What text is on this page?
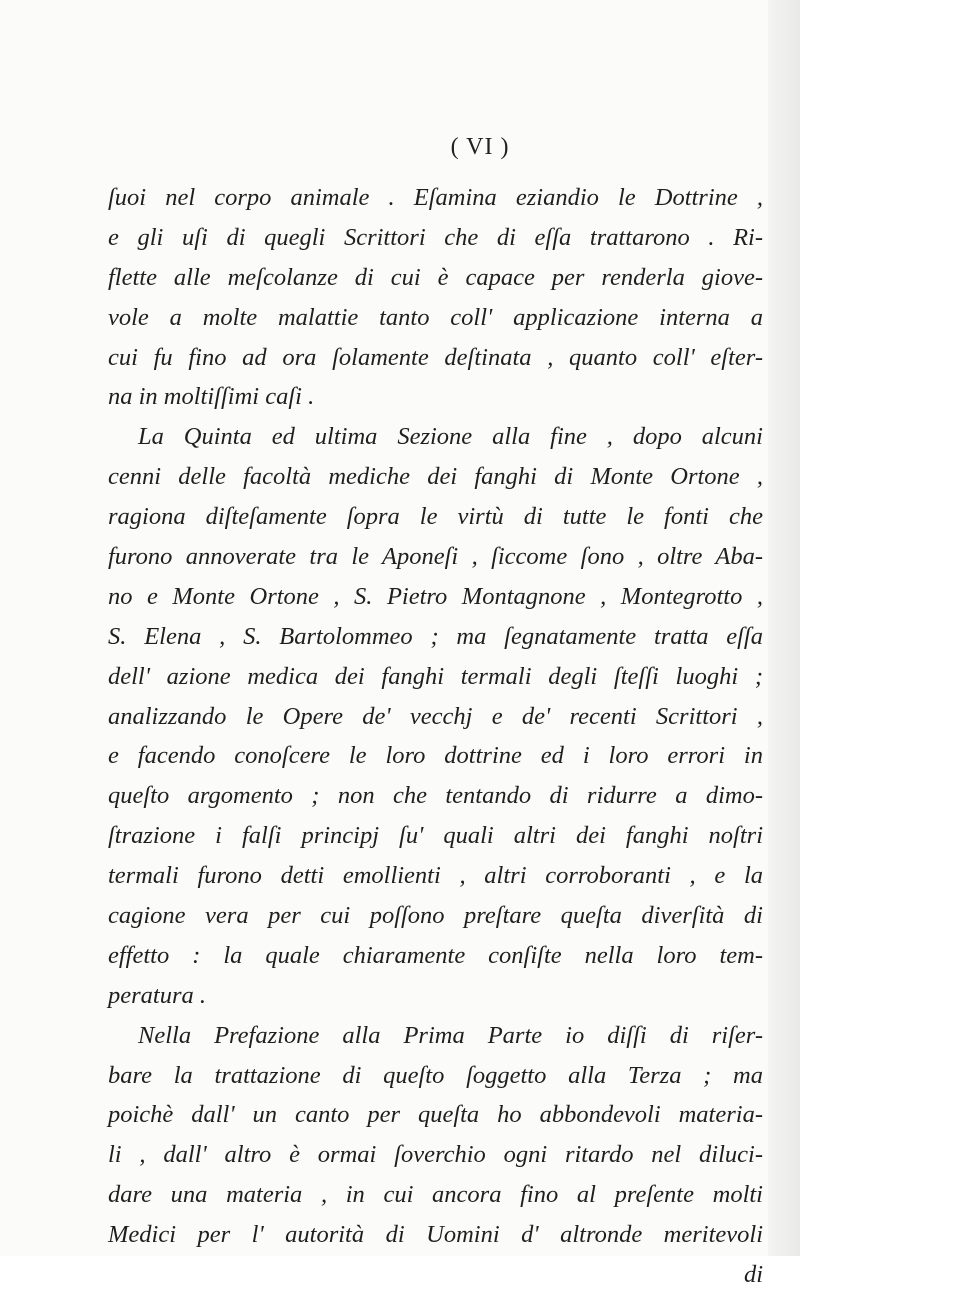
( VI )
ſuoi nel corpo animale . Eſamina eziandio le Dottrine ,
e gli uſi di quegli Scrittori che di eſſa trattarono . Ri-
flette alle meſcolanze di cui è capace per renderla giove-
vole a molte malattie tanto coll' applicazione interna a
cui fu fino ad ora ſolamente deſtinata , quanto coll' eſter-
na in moltiſſimi caſi .
La Quinta ed ultima Sezione alla fine , dopo alcuni
cenni delle facoltà mediche dei fanghi di Monte Ortone ,
ragiona diſteſamente ſopra le virtù di tutte le fonti che
furono annoverate tra le Aponeſi , ſiccome ſono , oltre Aba-
no e Monte Ortone , S. Pietro Montagnone , Montegrotto ,
S. Elena , S. Bartolommeo ; ma ſegnatamente tratta eſſa
dell' azione medica dei fanghi termali degli ſteſſi luoghi ;
analizzando le Opere de' vecchj e de' recenti Scrittori ,
e facendo conoſcere le loro dottrine ed i loro errori in
queſto argomento ; non che tentando di ridurre a dimo-
ſtrazione i falſi principj ſu' quali altri dei fanghi noſtri
termali furono detti emollienti , altri corroboranti , e la
cagione vera per cui poſſono preſtare queſta diverſità di
effetto : la quale chiaramente conſiſte nella loro tem-
peratura .
Nella Prefazione alla Prima Parte io diſſi di riſer-
bare la trattazione di queſto ſoggetto alla Terza ; ma
poichè dall' un canto per queſta ho abbondevoli materia-
li , dall' altro è ormai ſoverchio ogni ritardo nel diluci-
dare una materia , in cui ancora fino al preſente molti
Medici per l' autorità di Uomini d' altronde meritevoli
di
